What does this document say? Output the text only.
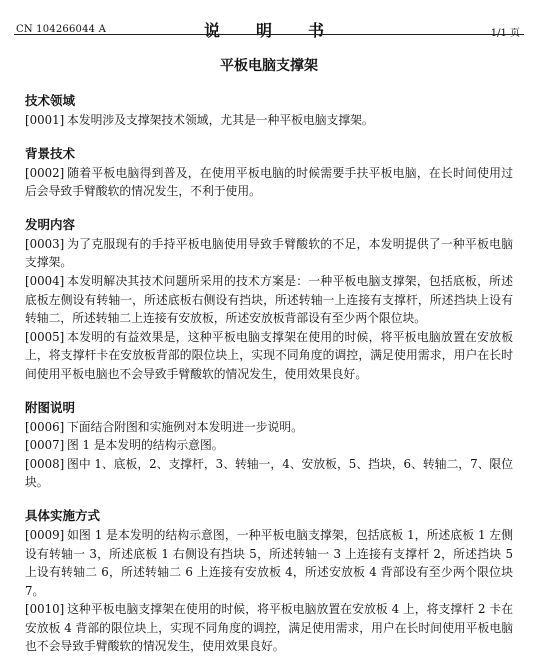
CN 104266044 A	说　明　书	1/1 页
平板电脑支撑架
技术领域

[0001] 本发明涉及支撑架技术领域，尤其是一种平板电脑支撑架。

背景技术

[0002] 随着平板电脑得到普及，在使用平板电脑的时候需要手扶平板电脑，在长时间使用过后会导致手臂酸软的情况发生，不利于使用。

发明内容

[0003] 为了克服现有的手持平板电脑使用导致手臂酸软的不足，本发明提供了一种平板电脑支撑架。

[0004] 本发明解决其技术问题所采用的技术方案是：一种平板电脑支撑架，包括底板，所述底板左侧设有转轴一，所述底板右侧设有挡块，所述转轴一上连接有支撑杆，所述挡块上设有转轴二，所述转轴二上连接有安放板，所述安放板背部设有至少两个限位块。

[0005] 本发明的有益效果是，这种平板电脑支撑架在使用的时候，将平板电脑放置在安放板上，将支撑杆卡在安放板背部的限位块上，实现不同角度的调控，满足使用需求，用户在长时间使用平板电脑也不会导致手臂酸软的情况发生，使用效果良好。

附图说明

[0006] 下面结合附图和实施例对本发明进一步说明。

[0007] 图 1 是本发明的结构示意图。

[0008] 图中 1、底板，2、支撑杆，3、转轴一，4、安放板，5、挡块，6、转轴二，7、限位块。

具体实施方式

[0009] 如图 1 是本发明的结构示意图，一种平板电脑支撑架，包括底板 1，所述底板 1 左侧设有转轴一 3，所述底板 1 右侧设有挡块 5，所述转轴一 3 上连接有支撑杆 2，所述挡块 5 上设有转轴二 6，所述转轴二 6 上连接有安放板 4，所述安放板 4 背部设有至少两个限位块 7。

[0010] 这种平板电脑支撑架在使用的时候，将平板电脑放置在安放板 4 上，将支撑杆 2 卡在安放板 4 背部的限位块上，实现不同角度的调控，满足使用需求，用户在长时间使用平板电脑也不会导致手臂酸软的情况发生，使用效果良好。
